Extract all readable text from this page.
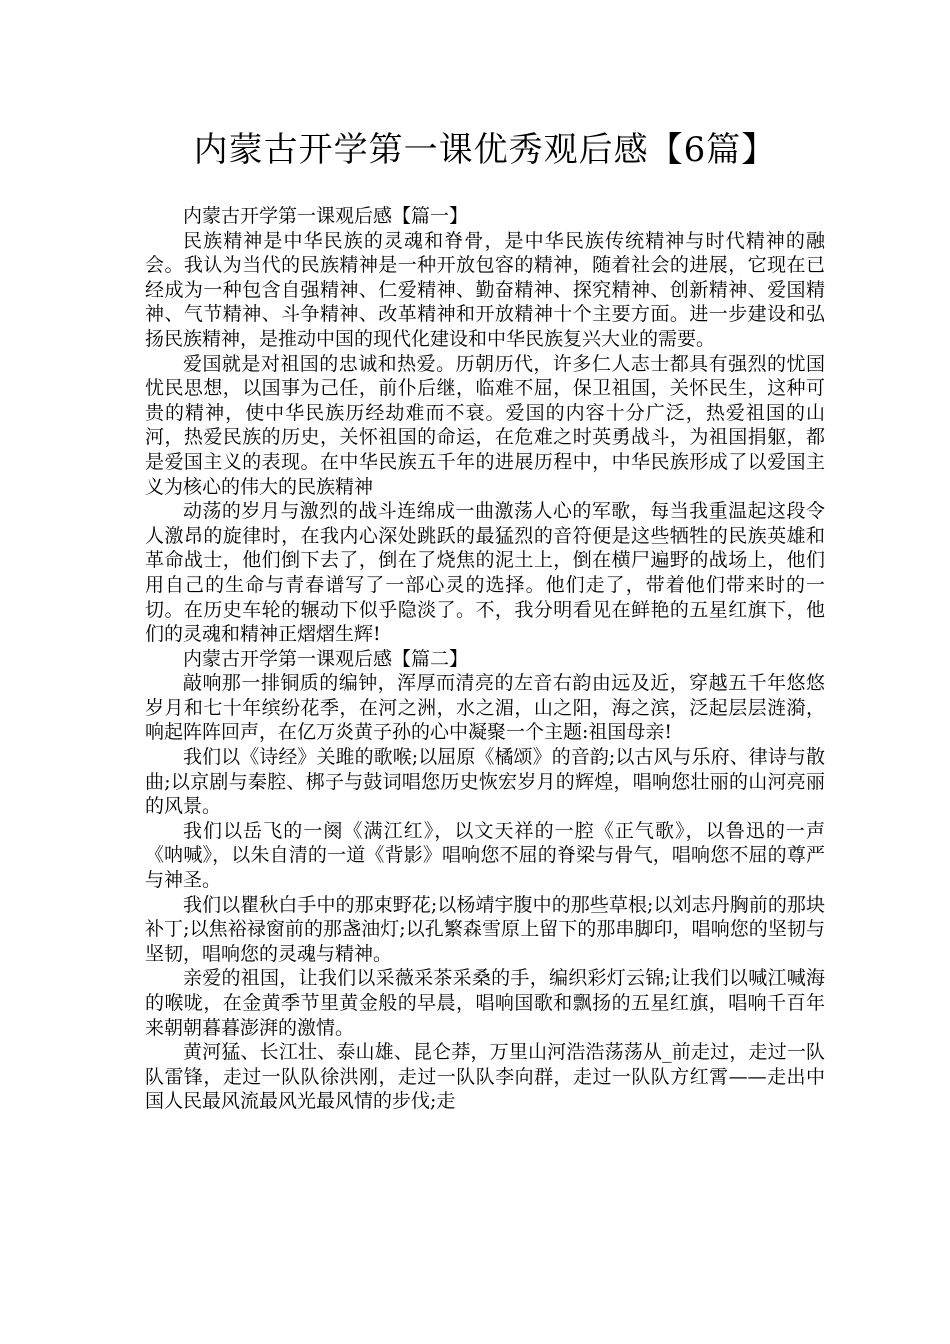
内蒙古开学第一课优秀观后感【6篇】
内蒙古开学第一课观后感【篇一】

民族精神是中华民族的灵魂和脊骨，是中华民族传统精神与时代精神的融会。我认为当代的民族精神是一种开放包容的精神，随着社会的进展，它现在已经成为一种包含自强精神、仁爱精神、勤奋精神、探究精神、创新精神、爱国精神、气节精神、斗争精神、改革精神和开放精神十个主要方面。进一步建设和弘扬民族精神，是推动中国的现代化建设和中华民族复兴大业的需要。

爱国就是对祖国的忠诚和热爱。历朝历代，许多仁人志士都具有强烈的忧国忧民思想，以国事为己任，前仆后继，临难不屈，保卫祖国，关怀民生，这种可贵的精神，使中华民族历经劫难而不衰。爱国的内容十分广泛，热爱祖国的山河，热爱民族的历史，关怀祖国的命运，在危难之时英勇战斗，为祖国捐躯，都是爱国主义的表现。在中华民族五千年的进展历程中，中华民族形成了以爱国主义为核心的伟大的民族精神

动荡的岁月与激烈的战斗连绵成一曲激荡人心的军歌，每当我重温起这段令人激昂的旋律时，在我内心深处跳跃的最猛烈的音符便是这些牺牲的民族英雄和革命战士，他们倒下去了，倒在了烧焦的泥土上，倒在横尸遍野的战场上，他们用自己的生命与青春谱写了一部心灵的选择。他们走了，带着他们带来时的一切。在历史车轮的辗动下似乎隐淡了。不，我分明看见在鲜艳的五星红旗下，他们的灵魂和精神正熠熠生辉!

内蒙古开学第一课观后感【篇二】

敲响那一排铜质的编钟，浑厚而清亮的左音右韵由远及近，穿越五千年悠悠岁月和七十年缤纷花季，在河之洲，水之湄，山之阳，海之滨，泛起层层涟漪，响起阵阵回声，在亿万炎黄子孙的心中凝聚一个主题:祖国母亲!

我们以《诗经》关雎的歌喉;以屈原《橘颂》的音韵;以古风与乐府、律诗与散曲;以京剧与秦腔、梆子与鼓词唱您历史恢宏岁月的辉煌，唱响您壮丽的山河亮丽的风景。

我们以岳飞的一阕《满江红》，以文天祥的一腔《正气歌》，以鲁迅的一声《呐喊》，以朱自清的一道《背影》唱响您不屈的脊梁与骨气，唱响您不屈的尊严与神圣。

我们以瞿秋白手中的那束野花;以杨靖宇腹中的那些草根;以刘志丹胸前的那块补丁;以焦裕禄窗前的那盏油灯;以孔繁森雪原上留下的那串脚印，唱响您的坚韧与坚韧，唱响您的灵魂与精神。

亲爱的祖国，让我们以采薇采茶采桑的手，编织彩灯云锦;让我们以喊江喊海的喉咙，在金黄季节里黄金般的早晨，唱响国歌和飘扬的五星红旗，唱响千百年来朝朝暮暮澎湃的激情。

黄河猛、长江壮、泰山雄、昆仑莽，万里山河浩浩荡荡从_前走过，走过一队队雷锋，走过一队队徐洪刚，走过一队队李向群，走过一队队方红霄——走出中国人民最风流最风光最风情的步伐;走
